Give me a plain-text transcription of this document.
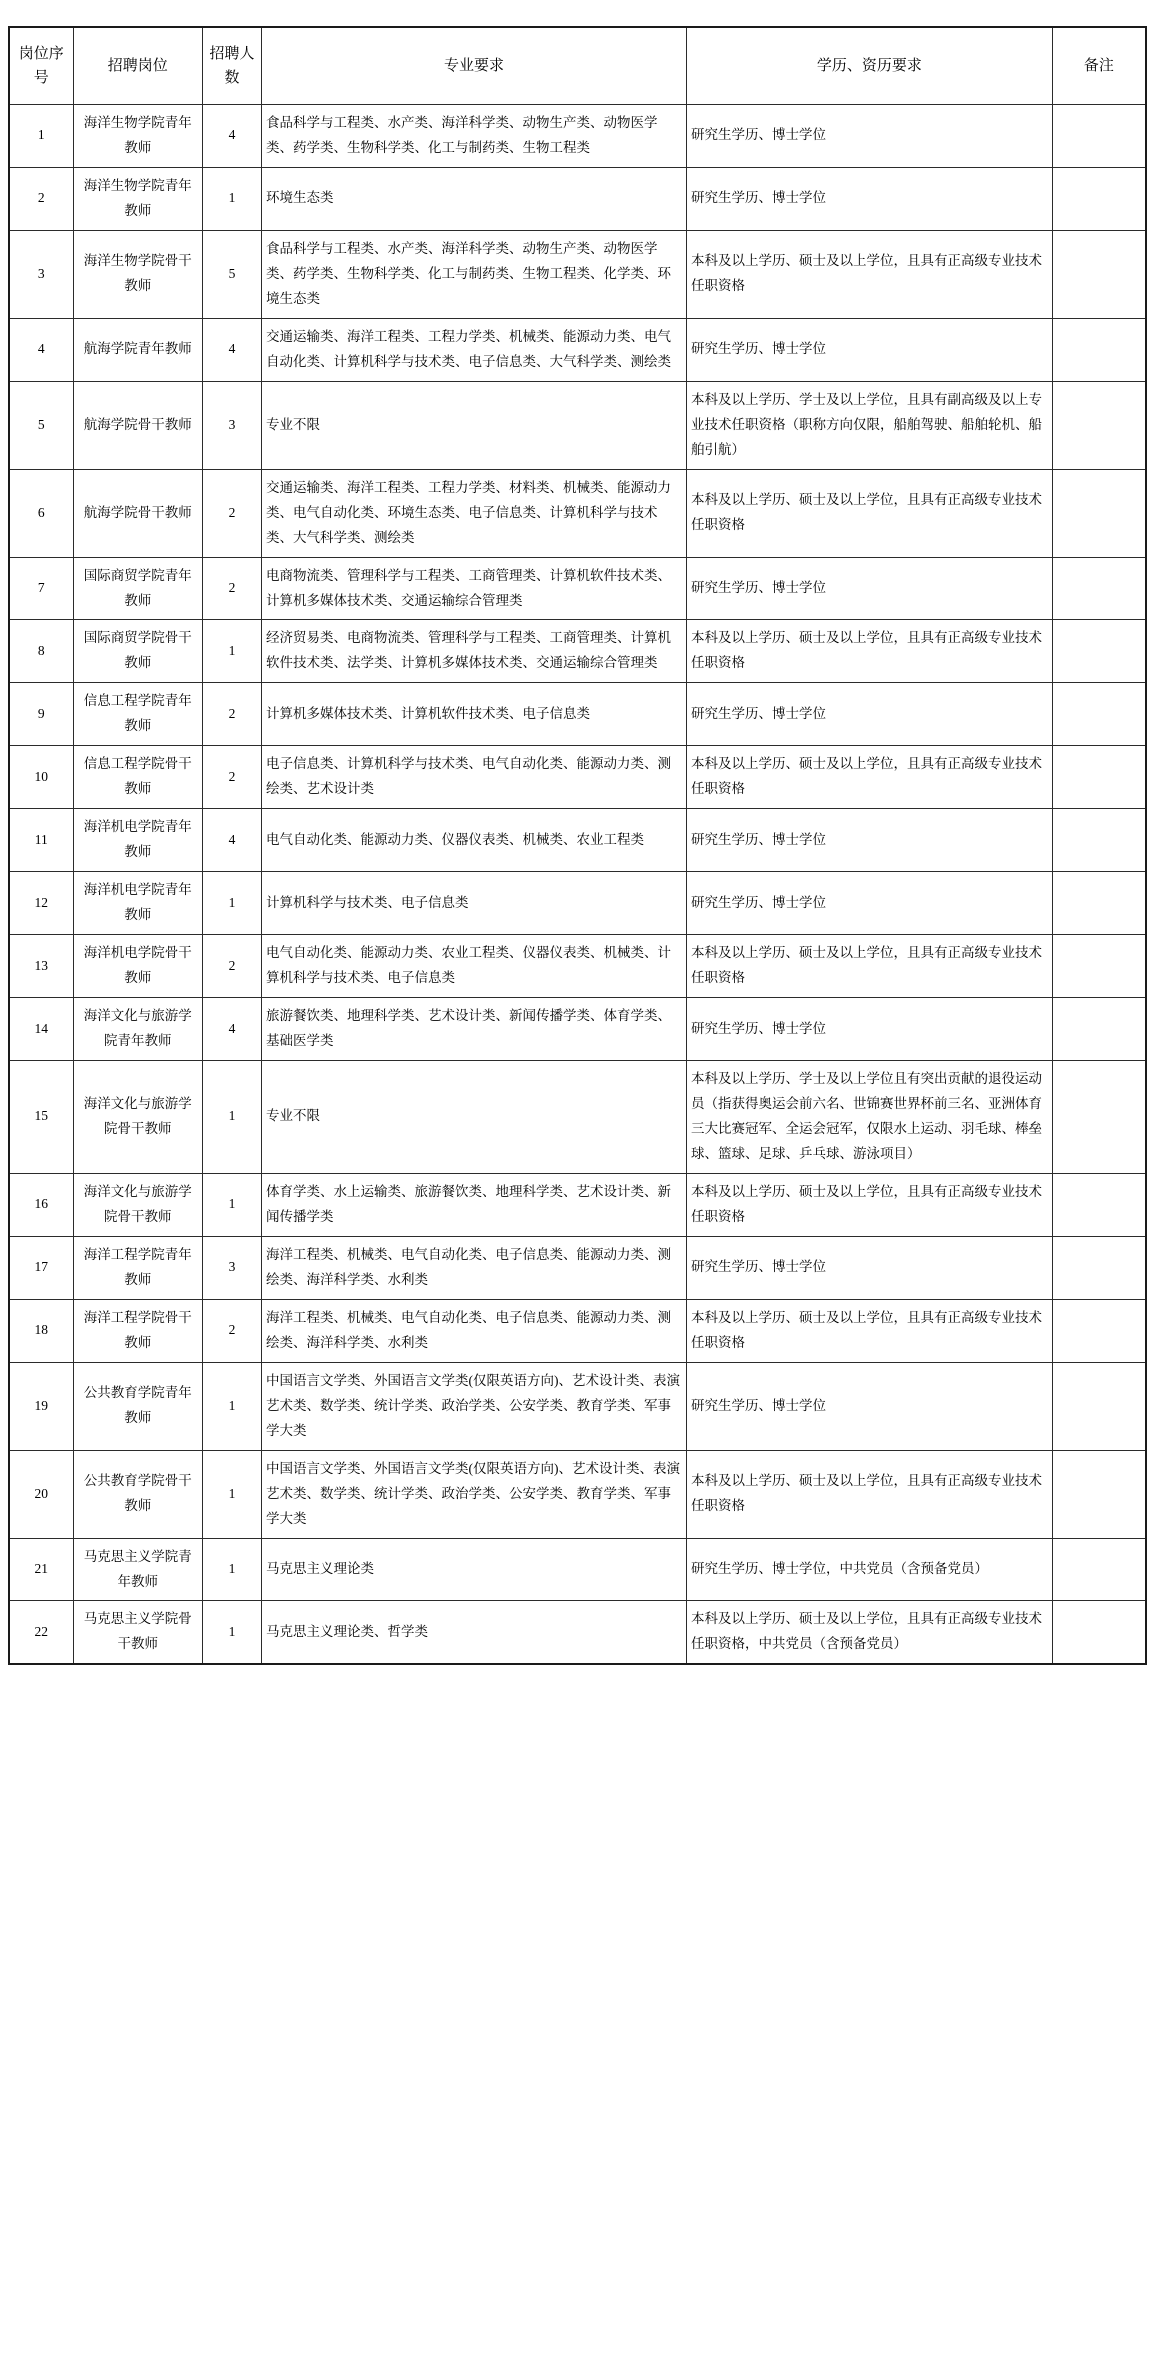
岗位序号	招聘岗位	招聘人数	专业要求	学历、资历要求	备注
1	海洋生物学院青年教师	4	食品科学与工程类、水产类、海洋科学类、动物生产类、动物医学类、药学类、生物科学类、化工与制药类、生物工程类	研究生学历、博士学位	
2	海洋生物学院青年教师	1	环境生态类	研究生学历、博士学位	
3	海洋生物学院骨干教师	5	食品科学与工程类、水产类、海洋科学类、动物生产类、动物医学类、药学类、生物科学类、化工与制药类、生物工程类、化学类、环境生态类	本科及以上学历、硕士及以上学位，且具有正高级专业技术任职资格	
4	航海学院青年教师	4	交通运输类、海洋工程类、工程力学类、机械类、能源动力类、电气自动化类、计算机科学与技术类、电子信息类、大气科学类、测绘类	研究生学历、博士学位	
5	航海学院骨干教师	3	专业不限	本科及以上学历、学士及以上学位，且具有副高级及以上专业技术任职资格（职称方向仅限，船舶驾驶、船舶轮机、船舶引航）	
6	航海学院骨干教师	2	交通运输类、海洋工程类、工程力学类、材料类、机械类、能源动力类、电气自动化类、环境生态类、电子信息类、计算机科学与技术类、大气科学类、测绘类	本科及以上学历、硕士及以上学位，且具有正高级专业技术任职资格	
7	国际商贸学院青年教师	2	电商物流类、管理科学与工程类、工商管理类、计算机软件技术类、计算机多媒体技术类、交通运输综合管理类	研究生学历、博士学位	
8	国际商贸学院骨干教师	1	经济贸易类、电商物流类、管理科学与工程类、工商管理类、计算机软件技术类、法学类、计算机多媒体技术类、交通运输综合管理类	本科及以上学历、硕士及以上学位，且具有正高级专业技术任职资格	
9	信息工程学院青年教师	2	计算机多媒体技术类、计算机软件技术类、电子信息类	研究生学历、博士学位	
10	信息工程学院骨干教师	2	电子信息类、计算机科学与技术类、电气自动化类、能源动力类、测绘类、艺术设计类	本科及以上学历、硕士及以上学位，且具有正高级专业技术任职资格	
11	海洋机电学院青年教师	4	电气自动化类、能源动力类、仪器仪表类、机械类、农业工程类	研究生学历、博士学位	
12	海洋机电学院青年教师	1	计算机科学与技术类、电子信息类	研究生学历、博士学位	
13	海洋机电学院骨干教师	2	电气自动化类、能源动力类、农业工程类、仪器仪表类、机械类、计算机科学与技术类、电子信息类	本科及以上学历、硕士及以上学位，且具有正高级专业技术任职资格	
14	海洋文化与旅游学院青年教师	4	旅游餐饮类、地理科学类、艺术设计类、新闻传播学类、体育学类、基础医学类	研究生学历、博士学位	
15	海洋文化与旅游学院骨干教师	1	专业不限	本科及以上学历、学士及以上学位且有突出贡献的退役运动员（指获得奥运会前六名、世锦赛世界杯前三名、亚洲体育三大比赛冠军、全运会冠军，仅限水上运动、羽毛球、棒垒球、篮球、足球、乒乓球、游泳项目）	
16	海洋文化与旅游学院骨干教师	1	体育学类、水上运输类、旅游餐饮类、地理科学类、艺术设计类、新闻传播学类	本科及以上学历、硕士及以上学位，且具有正高级专业技术任职资格	
17	海洋工程学院青年教师	3	海洋工程类、机械类、电气自动化类、电子信息类、能源动力类、测绘类、海洋科学类、水利类	研究生学历、博士学位	
18	海洋工程学院骨干教师	2	海洋工程类、机械类、电气自动化类、电子信息类、能源动力类、测绘类、海洋科学类、水利类	本科及以上学历、硕士及以上学位，且具有正高级专业技术任职资格	
19	公共教育学院青年教师	1	中国语言文学类、外国语言文学类(仅限英语方向)、艺术设计类、表演艺术类、数学类、统计学类、政治学类、公安学类、教育学类、军事学大类	研究生学历、博士学位	
20	公共教育学院骨干教师	1	中国语言文学类、外国语言文学类(仅限英语方向)、艺术设计类、表演艺术类、数学类、统计学类、政治学类、公安学类、教育学类、军事学大类	本科及以上学历、硕士及以上学位，且具有正高级专业技术任职资格	
21	马克思主义学院青年教师	1	马克思主义理论类	研究生学历、博士学位，中共党员（含预备党员）	
22	马克思主义学院骨干教师	1	马克思主义理论类、哲学类	本科及以上学历、硕士及以上学位，且具有正高级专业技术任职资格，中共党员（含预备党员）	
